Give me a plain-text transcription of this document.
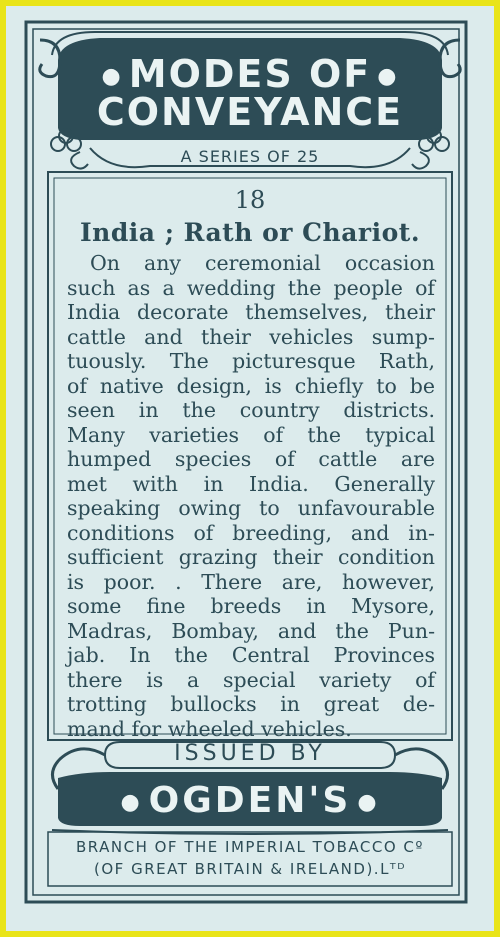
● MODES OF ●
CONVEYANCE
A SERIES OF 25
18
India ; Rath or Chariot.
On any ceremonial occasion
such as a wedding the people of
India decorate themselves, their
cattle and their vehicles sump-
tuously. The picturesque Rath,
of native design, is chiefly to be
seen in the country districts.
Many varieties of the typical
humped species of cattle are
met with in India. Generally
speaking owing to unfavourable
conditions of breeding, and in-
sufficient grazing their condition
is poor. . There are, however,
some fine breeds in Mysore,
Madras, Bombay, and the Pun-
jab. In the Central Provinces
there is a special variety of
trotting bullocks in great de-
mand for wheeled vehicles.
ISSUED BY
● OGDEN'S ●
BRANCH OF THE IMPERIAL TOBACCO Cº
(OF GREAT BRITAIN & IRELAND).Lᵀᴰ
